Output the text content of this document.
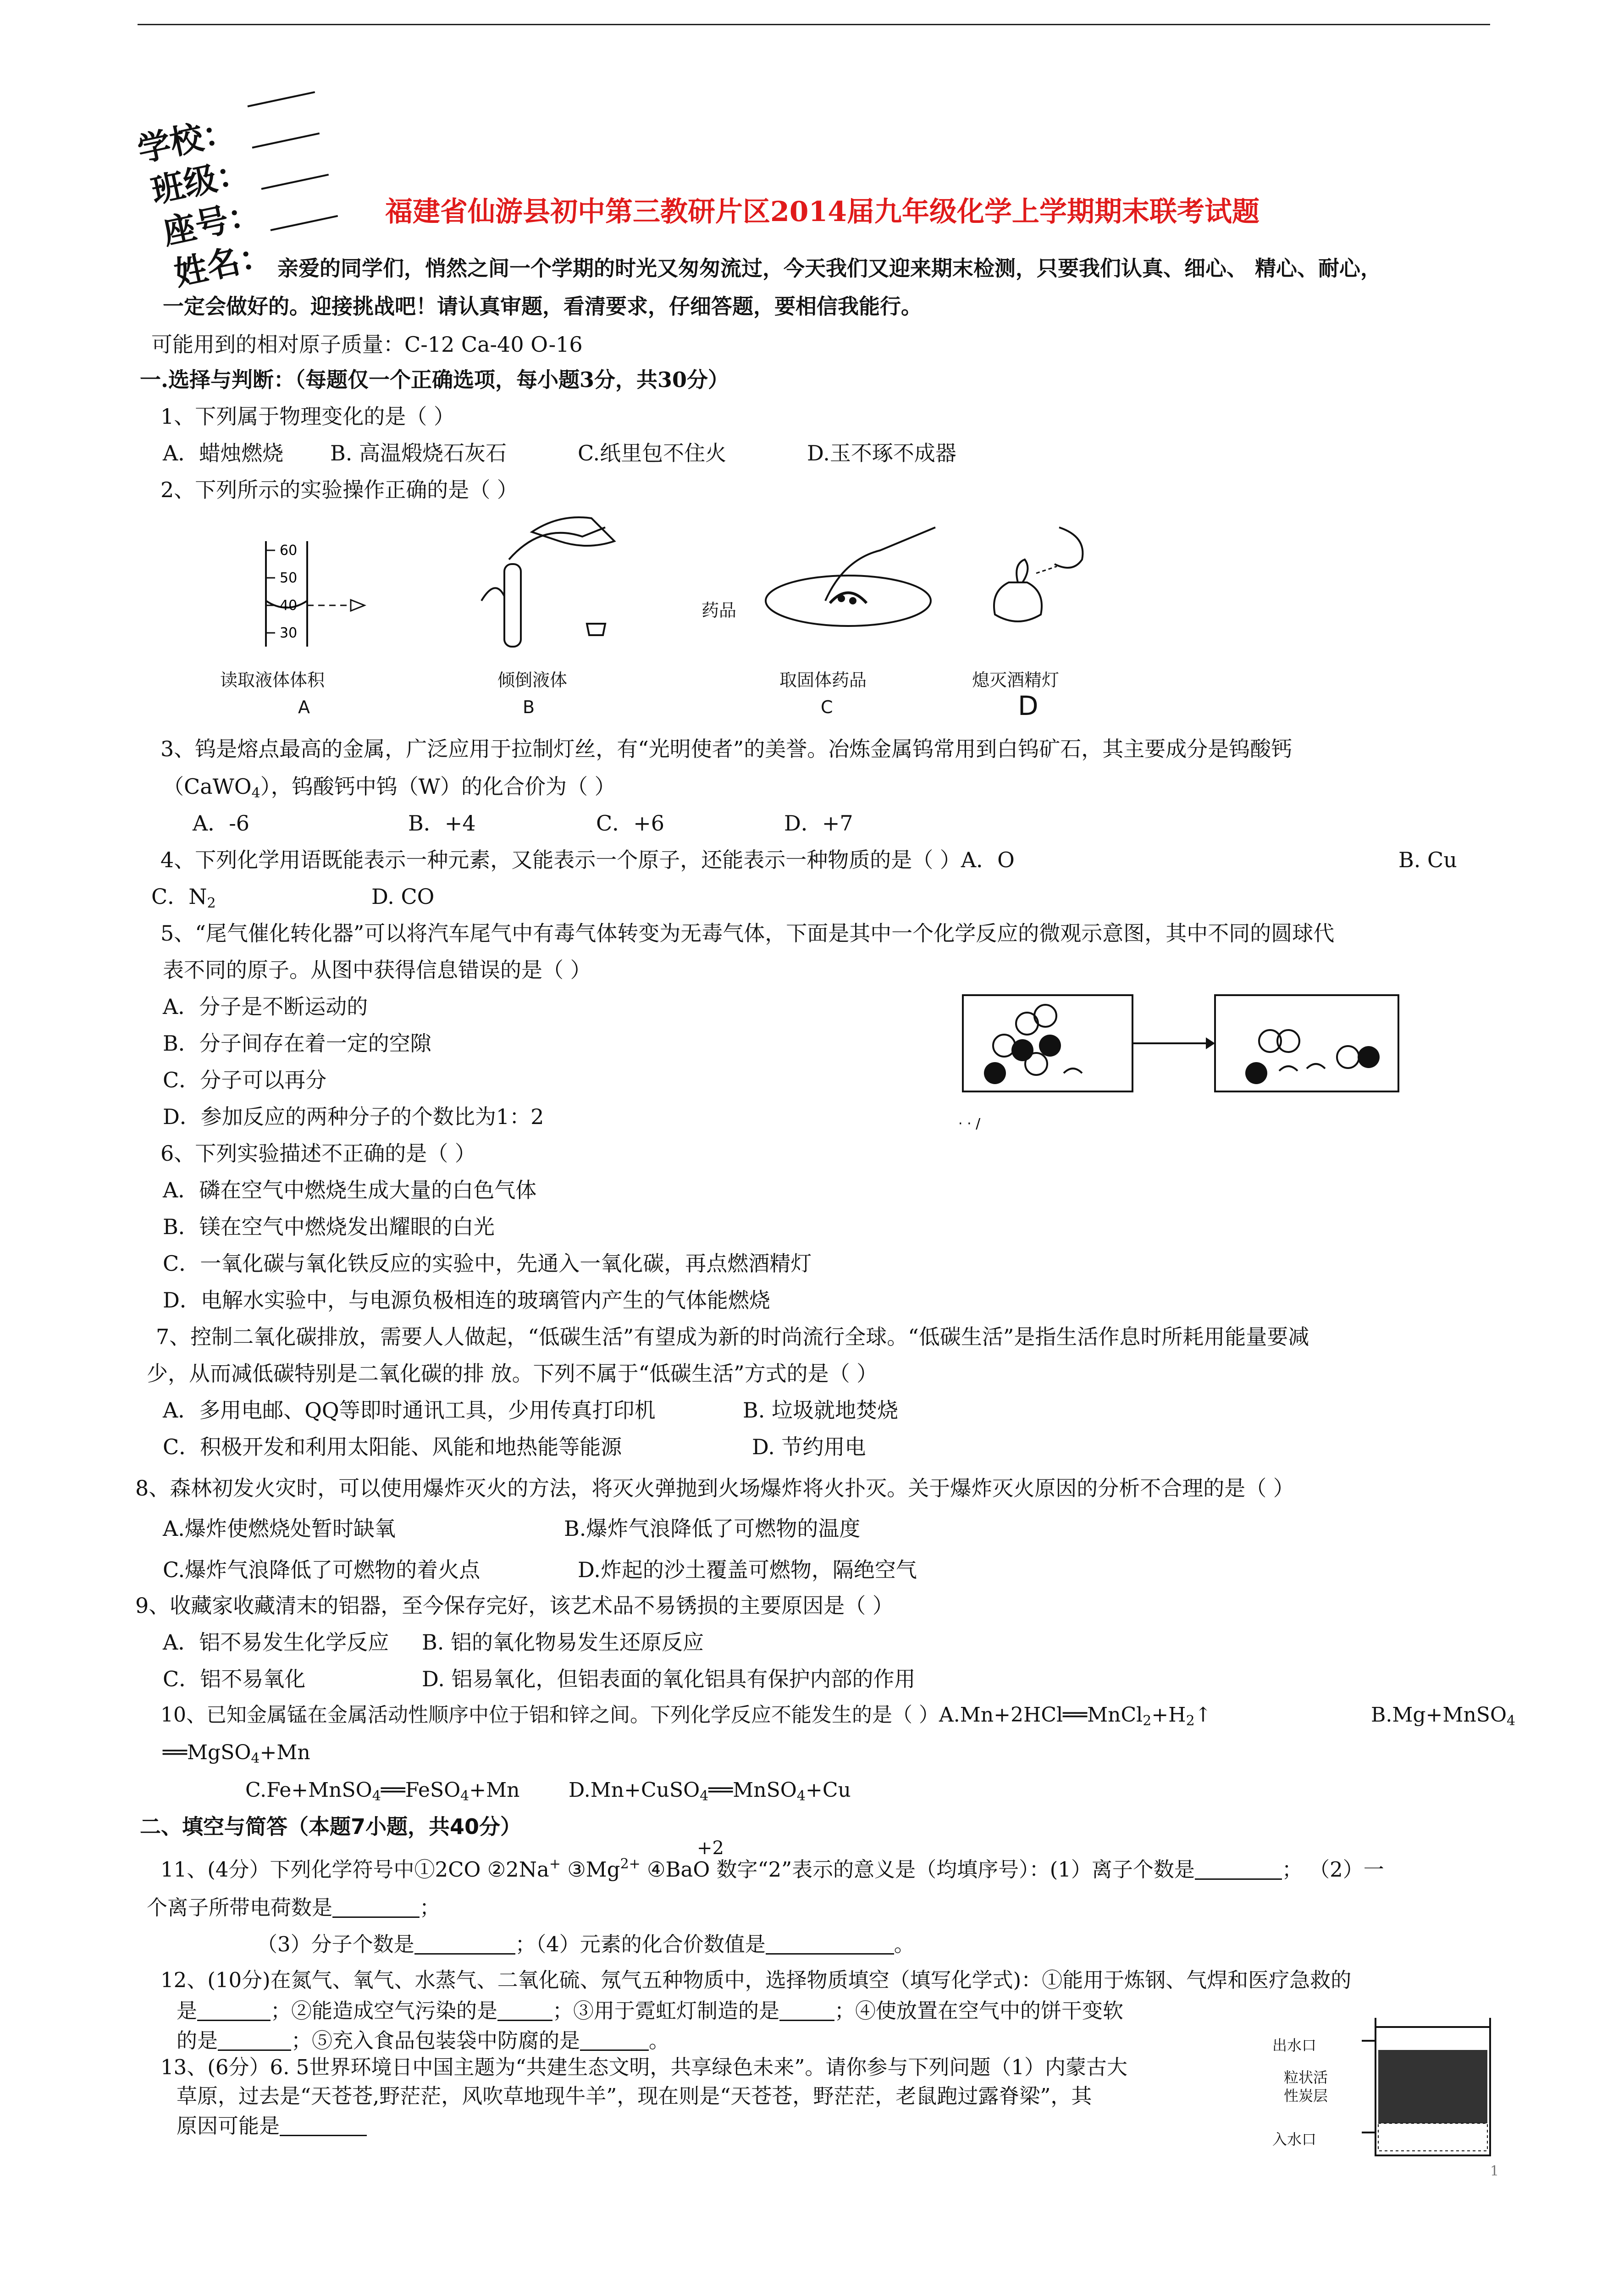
学校：
班级：
座号：
姓名：
福建省仙游县初中第三教研片区2014届九年级化学上学期期末联考试题
亲爱的同学们，悄然之间一个学期的时光又匆匆流过，今天我们又迎来期末检测，只要我们认真、细心、 精心、耐心，
一定会做好的。迎接挑战吧！请认真审题，看清要求，仔细答题，要相信我能行。
可能用到的相对原子质量：C-12 Ca-40 O-16
一.选择与判断：（每题仅一个正确选项，每小题3分，共30分）
1、下列属于物理变化的是（ ）
A．蜡烛燃烧 B. 高温煅烧石灰石	C.纸里包不住火	D.玉不琢不成器
2、下列所示的实验操作正确的是（ ）
60
50
40
30
读取液体体积
A
倾倒液体
B
药品
取固体药品
C
熄灭酒精灯
D
3、钨是熔点最高的金属，广泛应用于拉制灯丝，有“光明使者”的美誉。冶炼金属钨常用到白钨矿石，其主要成分是钨酸钙
（CaWO$_4$），钨酸钙中钨（W）的化合价为（ ）
A．-6	B．+4	C．+6	D．+7
4、下列化学用语既能表示一种元素，又能表示一个原子，还能表示一种物质的是（ ）A．O	B. Cu
C．$N_2$	D. CO
5、“尾气催化转化器”可以将汽车尾气中有毒气体转变为无毒气体，下面是其中一个化学反应的微观示意图，其中不同的圆球代
表不同的原子。从图中获得信息错误的是（ ）
A．分子是不断运动的
B．分子间存在着一定的空隙
C．分子可以再分
D．参加反应的两种分子的个数比为1：2	· · /
6、下列实验描述不正确的是（ ）
A．磷在空气中燃烧生成大量的白色气体
B．镁在空气中燃烧发出耀眼的白光
C．一氧化碳与氧化铁反应的实验中，先通入一氧化碳，再点燃酒精灯
D．电解水实验中，与电源负极相连的玻璃管内产生的气体能燃烧
7、控制二氧化碳排放，需要人人做起，“低碳生活”有望成为新的时尚流行全球。“低碳生活”是指生活作息时所耗用能量要减
少，从而减低碳特别是二氧化碳的排 放。下列不属于“低碳生活”方式的是（ ）
A．多用电邮、QQ等即时通讯工具，少用传真打印机	B. 垃圾就地焚烧
C．积极开发和利用太阳能、风能和地热能等能源	D. 节约用电
8、森林初发火灾时，可以使用爆炸灭火的方法，将灭火弹抛到火场爆炸将火扑灭。关于爆炸灭火原因的分析不合理的是（ ）
A.爆炸使燃烧处暂时缺氧	B.爆炸气浪降低了可燃物的温度
C.爆炸气浪降低了可燃物的着火点	D.炸起的沙土覆盖可燃物，隔绝空气
9、收藏家收藏清末的铝器，至今保存完好，该艺术品不易锈损的主要原因是（ ）
A．铝不易发生化学反应 B. 铝的氧化物易发生还原反应
C．铝不易氧化	D. 铝易氧化，但铝表面的氧化铝具有保护内部的作用
10、已知金属锰在金属活动性顺序中位于铝和锌之间。下列化学反应不能发生的是（ ）$A.Mn+2HCl══MnCl_2+H_2↑$	B.Mg+MnSO$_4$
══MgSO$_4$+Mn
C.Fe+MnSO$_4$══FeSO$_4$+Mn D.Mn+CuSO$_4$══MnSO$_4$+Cu
二、填空与简答（本题7小题，共40分）
+2
11、(4分）下列化学符号中①2CO ②2Na+ $③Mg^{2+}$ ④BaO 数字“2”表示的意义是（均填序号）：(1）离子个数是	； （2）一
个离子所带电荷数是	；
（3）分子个数是	；（4）元素的化合价数值是	。
12、(10分)在氮气、氧气、水蒸气、二氧化硫、氖气五种物质中，选择物质填空（填写化学式)：①能用于炼钢、气焊和医疗急救的
是	；②能造成空气污染的是	；③用于霓虹灯制造的是	；④使放置在空气中的饼干变软
的是	；⑤充入食品包装袋中防腐的是	。
13、(6分）6. 5世界环境日中国主题为“共建生态文明，共享绿色未来”。请你参与下列问题（1）内蒙古大
草原，过去是“天苍苍,野茫茫，风吹草地现牛羊”，现在则是“天苍苍，野茫茫，老鼠跑过露脊梁”，其
原因可能是
出水口
粒状活
性炭层
入水口
1
